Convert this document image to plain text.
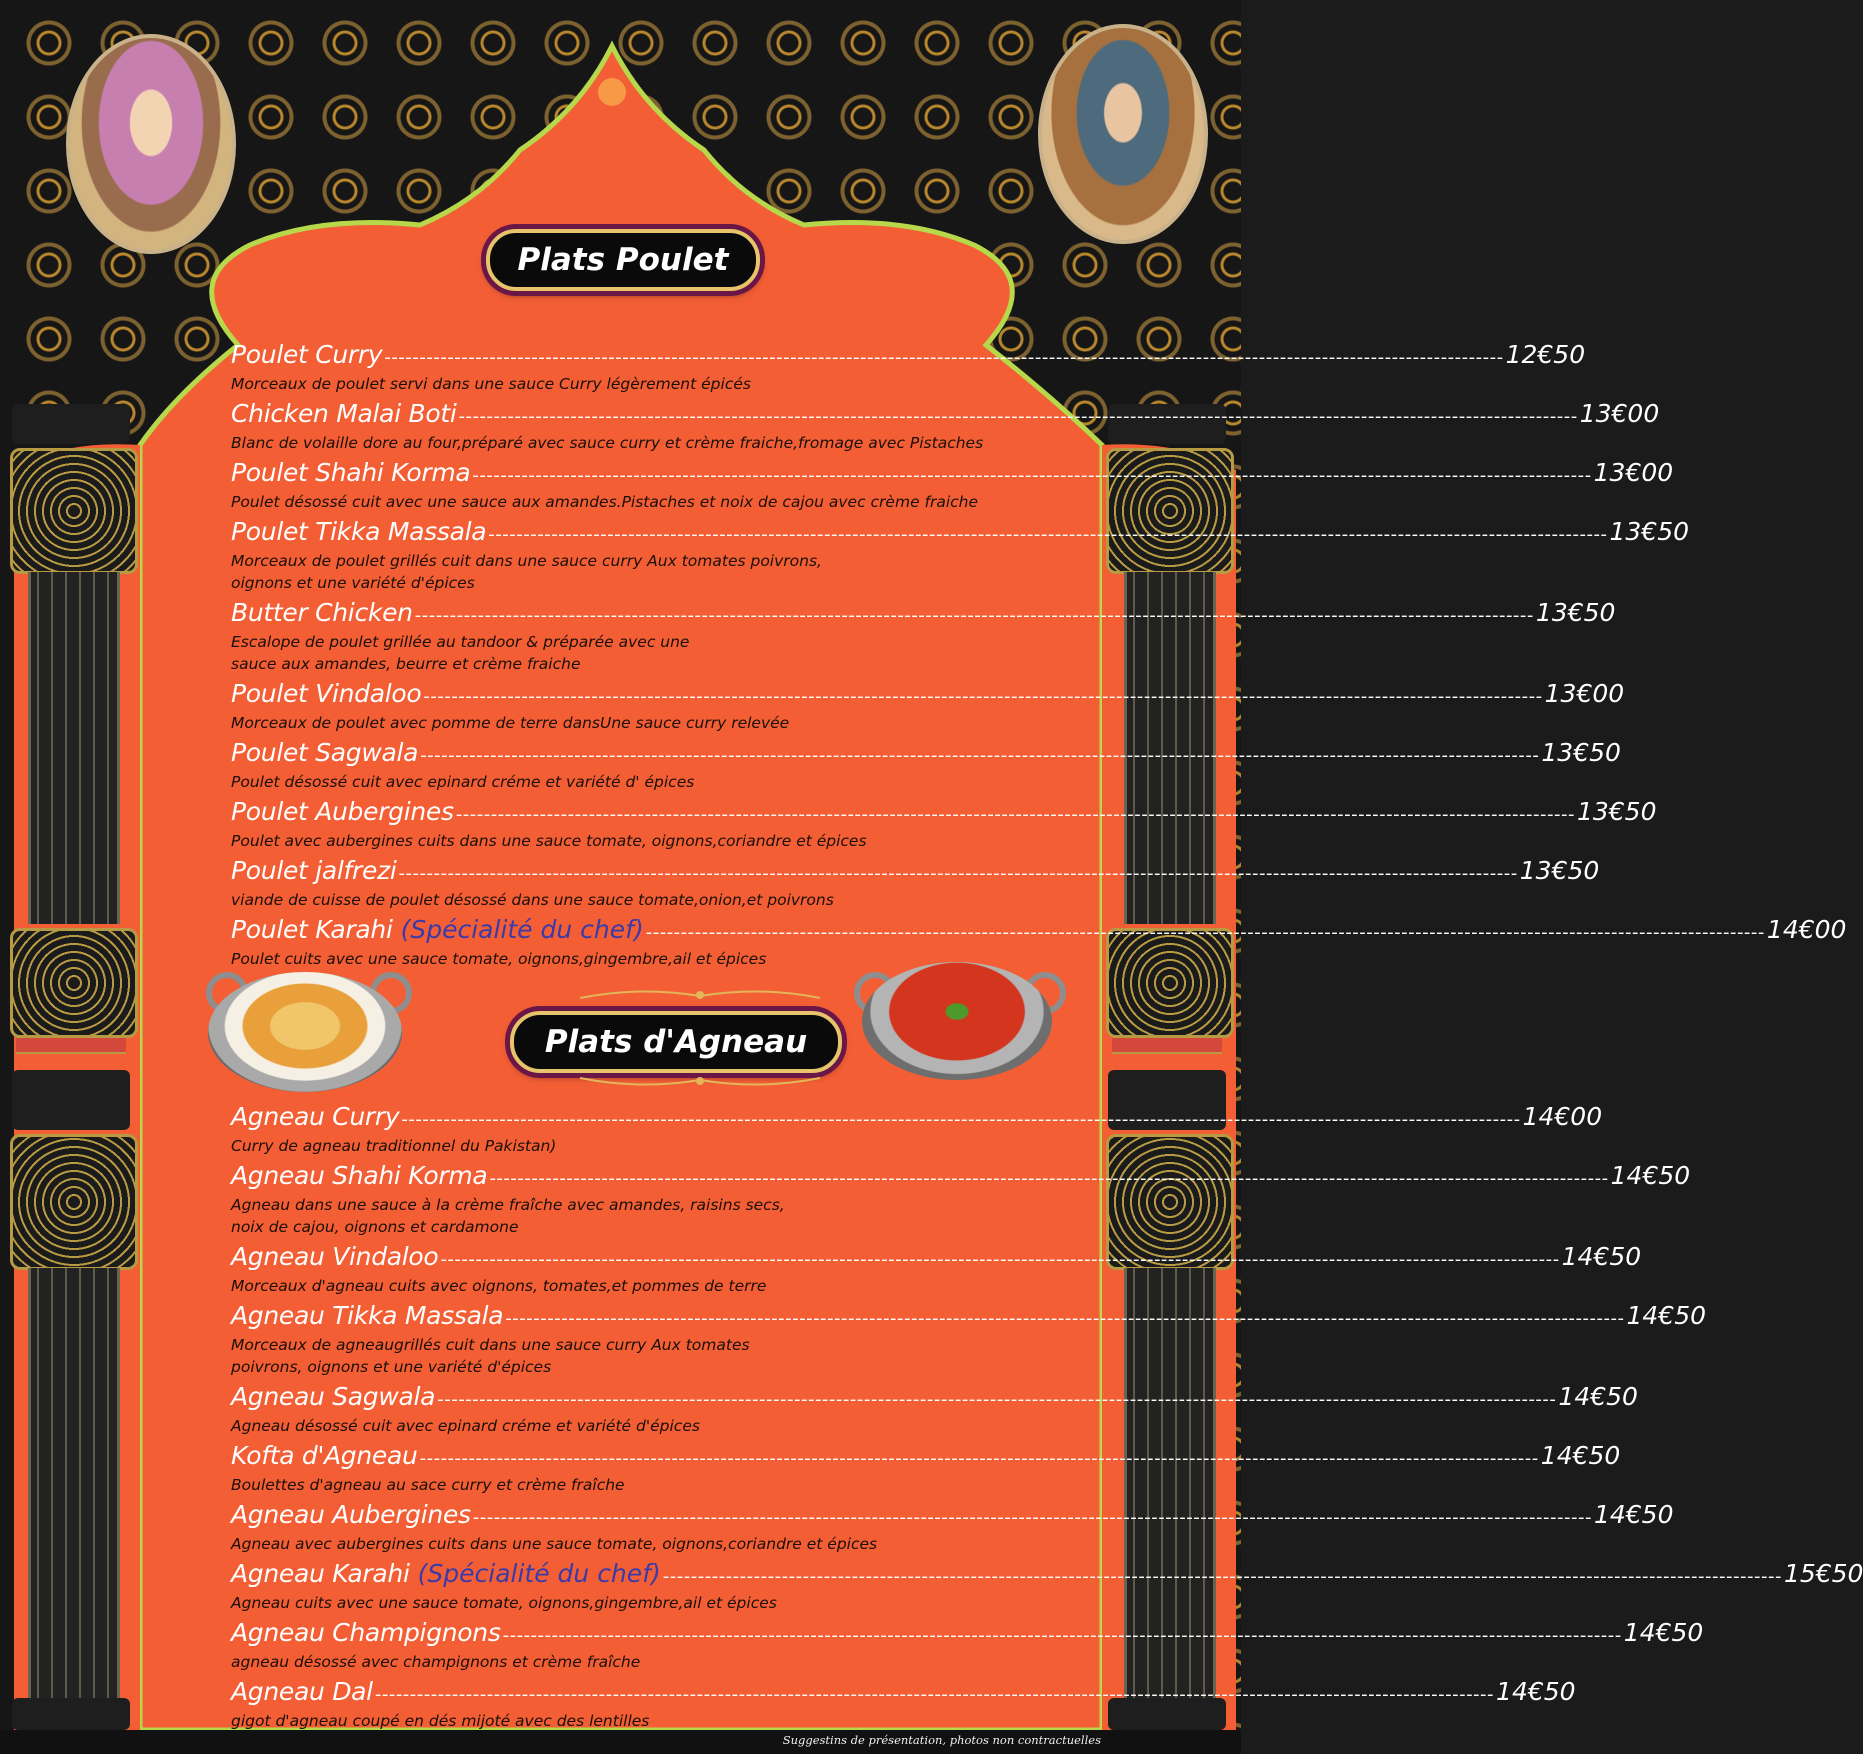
Plats Poulet
Plats d'Agneau
Poulet Curry ---------------------------------------------------------------------------------------------------------------------------------------------------------------- 12€50
Morceaux de poulet servi dans une sauce Curry légèrement épicés
Chicken Malai Boti ---------------------------------------------------------------------------------------------------------------------------------------------------------------- 13€00
Blanc de volaille dore au four,préparé avec sauce curry et crème fraiche,fromage avec Pistaches
Poulet Shahi Korma ---------------------------------------------------------------------------------------------------------------------------------------------------------------- 13€00
Poulet désossé cuit avec une sauce aux amandes.Pistaches et noix de cajou avec crème fraiche
Poulet Tikka Massala ---------------------------------------------------------------------------------------------------------------------------------------------------------------- 13€50
Morceaux de poulet grillés cuit dans une sauce curry Aux tomates poivrons,
oignons et une variété d'épices
Butter Chicken ---------------------------------------------------------------------------------------------------------------------------------------------------------------- 13€50
Escalope de poulet grillée au tandoor & préparée avec une
sauce aux amandes, beurre et crème fraiche
Poulet Vindaloo ---------------------------------------------------------------------------------------------------------------------------------------------------------------- 13€00
Morceaux de poulet avec pomme de terre dansUne sauce curry relevée
Poulet Sagwala ---------------------------------------------------------------------------------------------------------------------------------------------------------------- 13€50
Poulet désossé cuit avec epinard créme et variété d' épices
Poulet Aubergines ---------------------------------------------------------------------------------------------------------------------------------------------------------------- 13€50
Poulet avec aubergines cuits dans une sauce tomate, oignons,coriandre et épices
Poulet jalfrezi ---------------------------------------------------------------------------------------------------------------------------------------------------------------- 13€50
viande de cuisse de poulet désossé dans une sauce tomate,onion,et poivrons
Poulet Karahi (Spécialité du chef) ---------------------------------------------------------------------------------------------------------------------------------------------------------------- 14€00
Poulet cuits avec une sauce tomate, oignons,gingembre,ail et épices
Agneau Curry ---------------------------------------------------------------------------------------------------------------------------------------------------------------- 14€00
Curry de agneau traditionnel du Pakistan)
Agneau Shahi Korma ---------------------------------------------------------------------------------------------------------------------------------------------------------------- 14€50
Agneau dans une sauce à la crème fraîche avec amandes, raisins secs,
noix de cajou, oignons et cardamone
Agneau Vindaloo ---------------------------------------------------------------------------------------------------------------------------------------------------------------- 14€50
Morceaux d'agneau cuits avec oignons, tomates,et pommes de terre
Agneau Tikka Massala ---------------------------------------------------------------------------------------------------------------------------------------------------------------- 14€50
Morceaux de agneaugrillés cuit dans une sauce curry Aux tomates
poivrons, oignons et une variété d'épices
Agneau Sagwala ---------------------------------------------------------------------------------------------------------------------------------------------------------------- 14€50
Agneau désossé cuit avec epinard créme et variété d'épices
Kofta d'Agneau ---------------------------------------------------------------------------------------------------------------------------------------------------------------- 14€50
Boulettes d'agneau au sace curry et crème fraîche
Agneau Aubergines ---------------------------------------------------------------------------------------------------------------------------------------------------------------- 14€50
Agneau avec aubergines cuits dans une sauce tomate, oignons,coriandre et épices
Agneau Karahi (Spécialité du chef) ---------------------------------------------------------------------------------------------------------------------------------------------------------------- 15€50
Agneau cuits avec une sauce tomate, oignons,gingembre,ail et épices
Agneau Champignons ---------------------------------------------------------------------------------------------------------------------------------------------------------------- 14€50
agneau désossé avec champignons et crème fraîche
Agneau Dal ---------------------------------------------------------------------------------------------------------------------------------------------------------------- 14€50
gigot d'agneau coupé en dés mijoté avec des lentilles
Suggestins de présentation, photos non contractuelles
